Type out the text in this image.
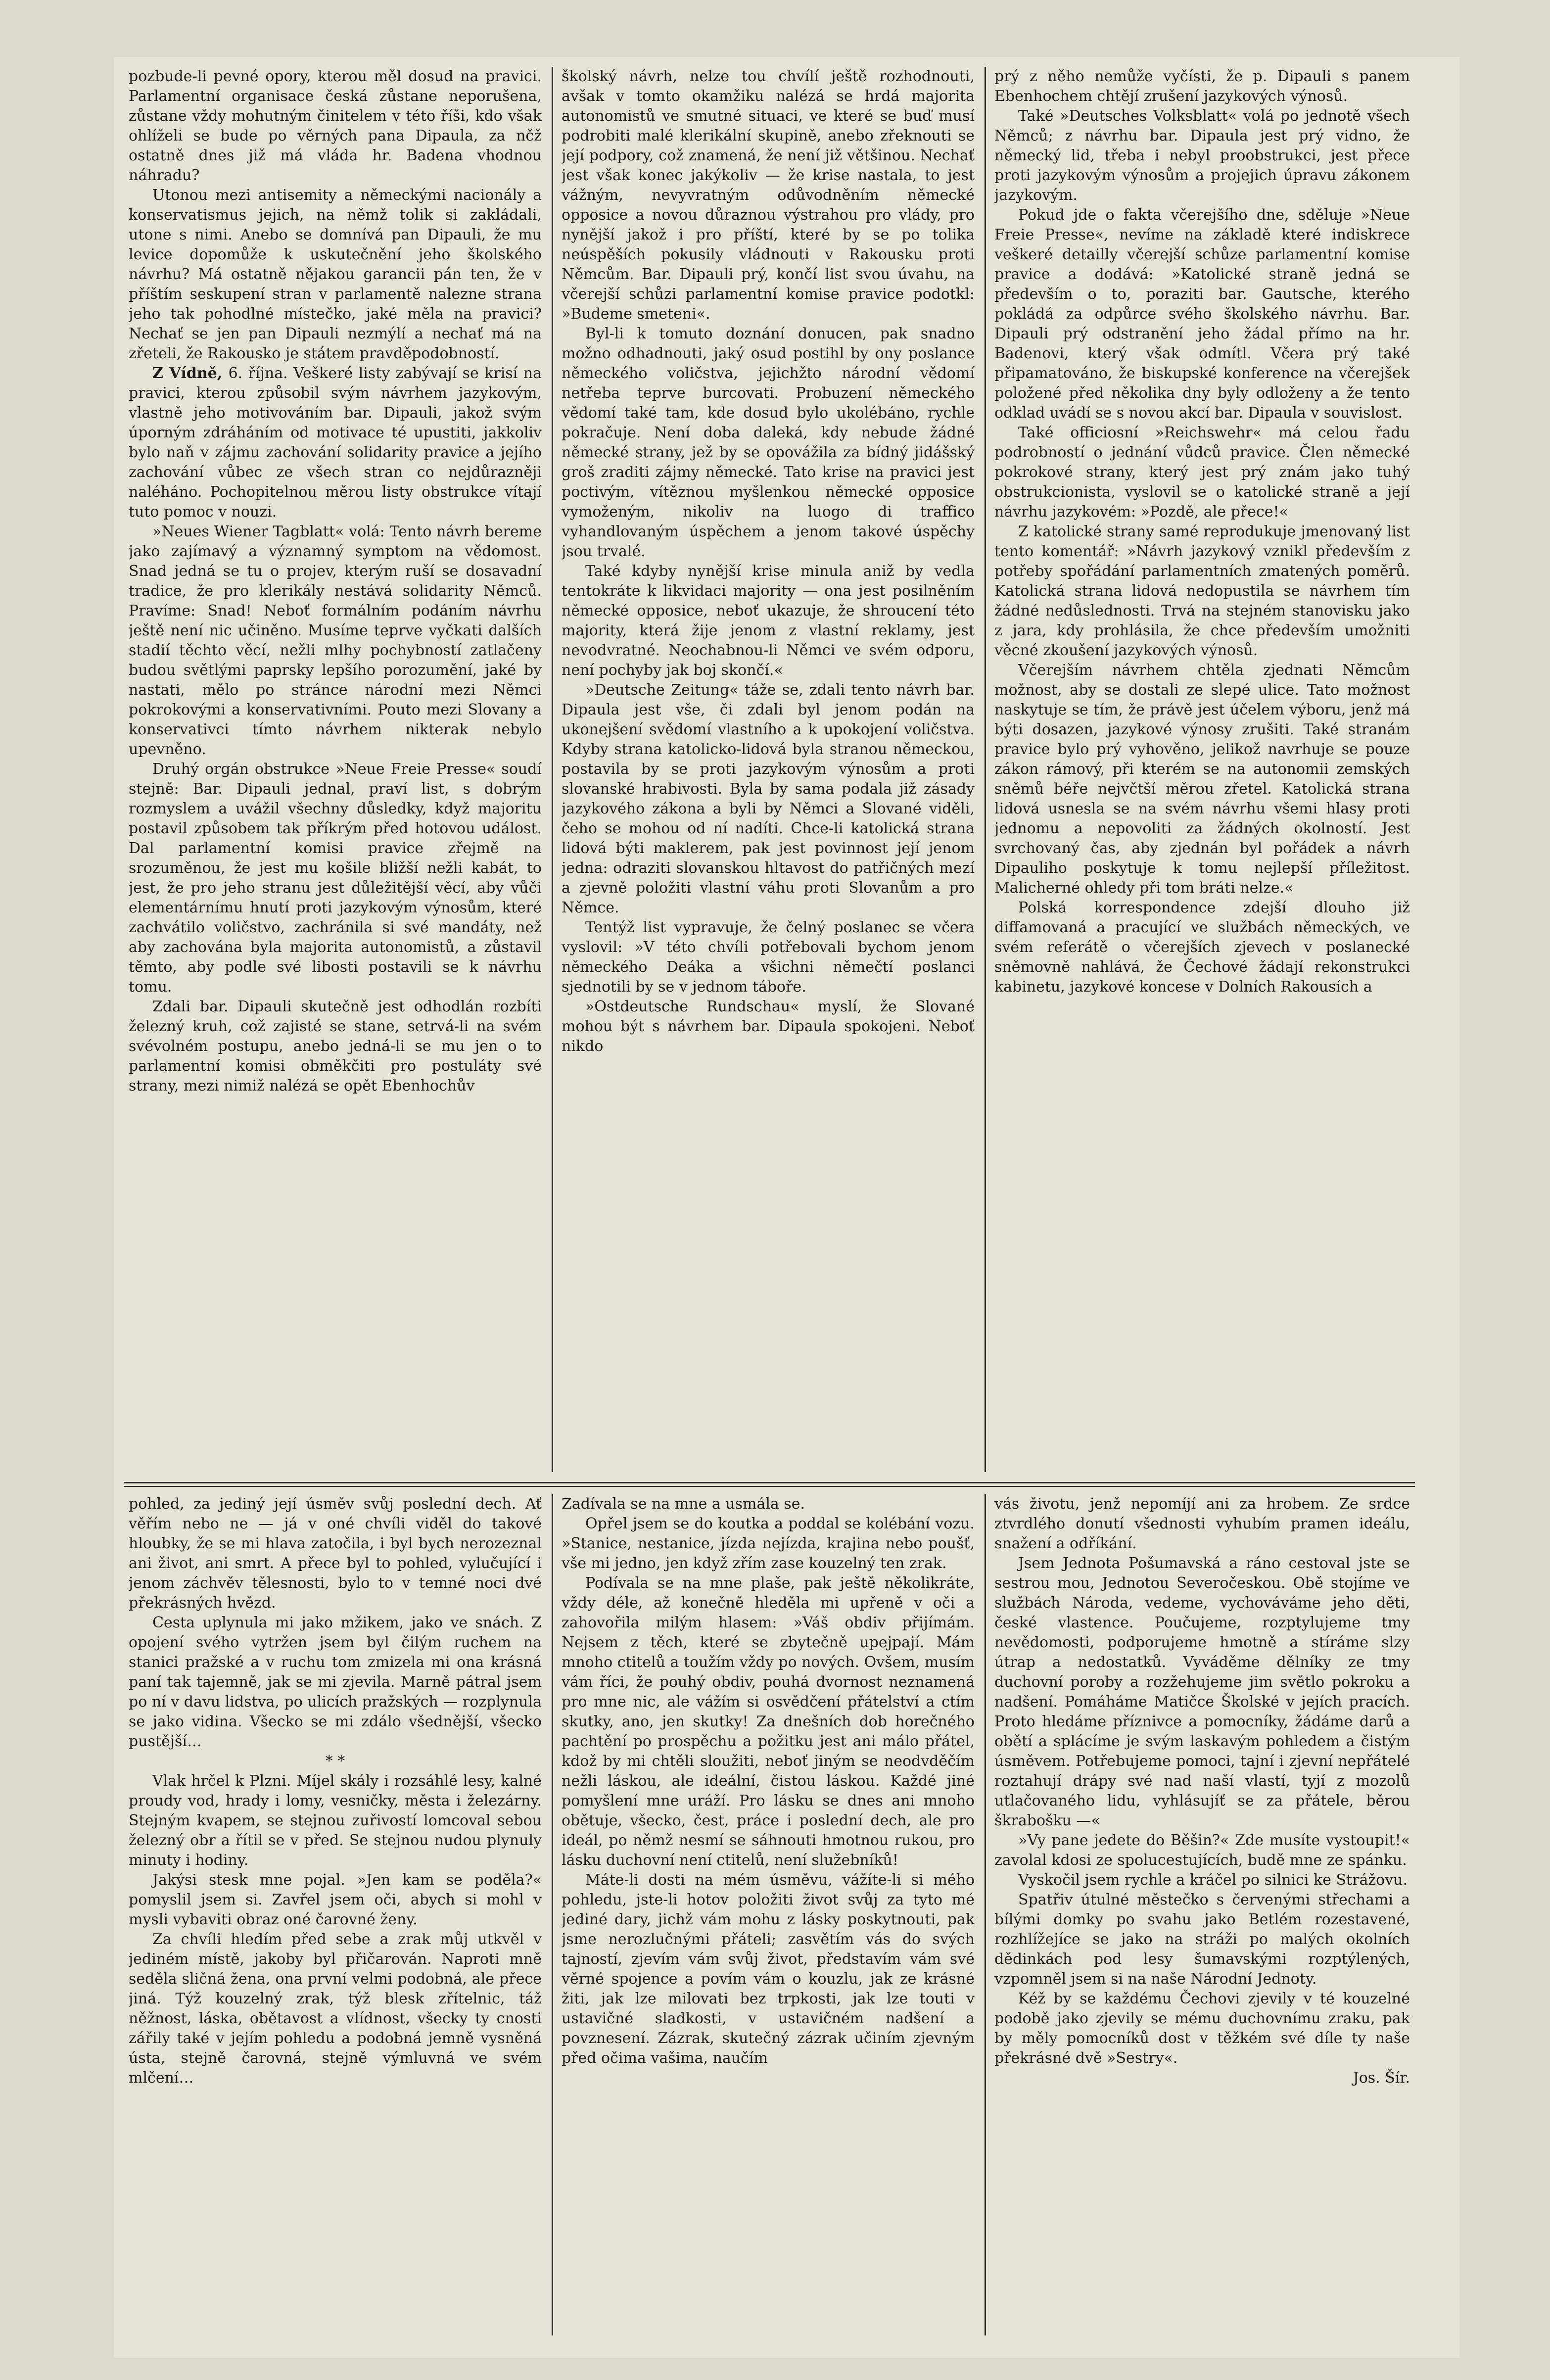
pozbude-li pevné opory, kterou měl dosud na pravici. Parlamentní organisace česká zůstane neporušena, zůstane vždy mohutným činitelem v této říši, kdo však ohlíželi se bude po věrných pana Dipaula, za nčž ostatně dnes již má vláda hr. Badena vhodnou náhradu?

Utonou mezi antisemity a německými nacionály a konservatismus jejich, na němž tolik si zakládali, utone s nimi. Anebo se domnívá pan Dipauli, že mu levice dopomůže k uskutečnění jeho školského návrhu? Má ostatně nějakou garancii pán ten, že v příštím seskupení stran v parlamentě nalezne strana jeho tak pohodlné místečko, jaké měla na pravici? Nechať se jen pan Dipauli nezmýlí a nechať má na zřeteli, že Rakousko je státem pravděpodobností.

Z Vídně, 6. října. Veškeré listy zabývají se krisí na pravici, kterou způsobil svým návrhem jazykovým, vlastně jeho motivováním bar. Dipauli, jakož svým úporným zdráháním od motivace té upustiti, jakkoliv bylo naň v zájmu zachování solidarity pravice a jejího zachování vůbec ze všech stran co nejdůrazněji naléháno. Pochopitelnou měrou listy obstrukce vítají tuto pomoc v nouzi.

»Neues Wiener Tagblatt« volá: Tento návrh bereme jako zajímavý a významný symptom na vědomost. Snad jedná se tu o projev, kterým ruší se dosavadní tradice, že pro klerikály nestává solidarity Němců. Pravíme: Snad! Neboť formálním podáním návrhu ještě není nic učiněno. Musíme teprve vyčkati dalších stadií těchto věcí, nežli mlhy pochybností zatlačeny budou světlými paprsky lepšího porozumění, jaké by nastati, mělo po stránce národní mezi Němci pokrokovými a konservativními. Pouto mezi Slovany a konservativci tímto návrhem nikterak nebylo upevněno.

Druhý orgán obstrukce »Neue Freie Presse« soudí stejně: Bar. Dipauli jednal, praví list, s dobrým rozmyslem a uvážil všechny důsledky, když majoritu postavil způsobem tak příkrým před hotovou událost. Dal parlamentní komisi pravice zřejmě na srozuměnou, že jest mu košile bližší nežli kabát, to jest, že pro jeho stranu jest důležitější věcí, aby vůči elementárnímu hnutí proti jazykovým výnosům, které zachvátilo voličstvo, zachránila si své mandáty, než aby zachována byla majorita autonomistů, a zůstavil těmto, aby podle své libosti postavili se k návrhu tomu.

Zdali bar. Dipauli skutečně jest odhodlán rozbíti železný kruh, což zajisté se stane, setrvá-li na svém svévolném postupu, anebo jedná-li se mu jen o to parlamentní komisi obměkčiti pro postuláty své strany, mezi nimiž nalézá se opět Ebenhochův

školský návrh, nelze tou chvílí ještě rozhodnouti, avšak v tomto okamžiku nalézá se hrdá majorita autonomistů ve smutné situaci, ve které se buď musí podrobiti malé klerikální skupině, anebo zřeknouti se její podpory, což znamená, že není již většinou. Nechať jest však konec jakýkoliv — že krise nastala, to jest vážným, nevyvratným odůvodněním německé opposice a novou důraznou výstrahou pro vlády, pro nynější jakož i pro příští, které by se po tolika neúspěších pokusily vládnouti v Rakousku proti Němcům. Bar. Dipauli prý, končí list svou úvahu, na včerejší schůzi parlamentní komise pravice podotkl: »Budeme smeteni«.

Byl-li k tomuto doznání donucen, pak snadno možno odhadnouti, jaký osud postihl by ony poslance německého voličstva, jejichžto národní vědomí netřeba teprve burcovati. Probuzení německého vědomí také tam, kde dosud bylo ukolébáno, rychle pokračuje. Není doba daleká, kdy nebude žádné německé strany, jež by se opovážila za bídný jidášský groš zraditi zájmy německé. Tato krise na pravici jest poctivým, vítěznou myšlenkou německé opposice vymoženým, nikoliv na luogo di traffico vyhandlovaným úspěchem a jenom takové úspěchy jsou trvalé.

Také kdyby nynější krise minula aniž by vedla tentokráte k likvidaci majority — ona jest posilněním německé opposice, neboť ukazuje, že shroucení této majority, která žije jenom z vlastní reklamy, jest nevodvratné. Neochabnou-li Němci ve svém odporu, není pochyby jak boj skončí.«

»Deutsche Zeitung« táže se, zdali tento návrh bar. Dipaula jest vše, či zdali byl jenom podán na ukonejšení svědomí vlastního a k upokojení voličstva. Kdyby strana katolicko-lidová byla stranou německou, postavila by se proti jazykovým výnosům a proti slovanské hrabivosti. Byla by sama podala již zásady jazykového zákona a byli by Němci a Slované viděli, čeho se mohou od ní nadíti. Chce-li katolická strana lidová býti maklerem, pak jest povinnost její jenom jedna: odraziti slovanskou hltavost do patřičných mezí a zjevně položiti vlastní váhu proti Slovanům a pro Němce.

Tentýž list vypravuje, že čelný poslanec se včera vyslovil: »V této chvíli potřebovali bychom jenom německého Deáka a všichni němečtí poslanci sjednotili by se v jednom táboře.

»Ostdeutsche Rundschau« myslí, že Slované mohou být s návrhem bar. Dipaula spokojeni. Neboť nikdo

prý z něho nemůže vyčísti, že p. Dipauli s panem Ebenhochem chtějí zrušení jazykových výnosů.

Také »Deutsches Volksblatt« volá po jednotě všech Němců; z návrhu bar. Dipaula jest prý vidno, že německý lid, třeba i nebyl proobstrukci, jest přece proti jazykovým výnosům a projejich úpravu zákonem jazykovým.

Pokud jde o fakta včerejšího dne, sděluje »Neue Freie Presse«, nevíme na základě které indiskrece veškeré detailly včerejší schůze parlamentní komise pravice a dodává: »Katolické straně jedná se především o to, poraziti bar. Gautsche, kterého pokládá za odpůrce svého školského návrhu. Bar. Dipauli prý odstranění jeho žádal přímo na hr. Badenovi, který však odmítl. Včera prý také připamatováno, že biskupské konference na včerejšek položené před několika dny byly odloženy a že tento odklad uvádí se s novou akcí bar. Dipaula v souvislost.

Také officiosní »Reichswehr« má celou řadu podrobností o jednání vůdců pravice. Člen německé pokrokové strany, který jest prý znám jako tuhý obstrukcionista, vyslovil se o katolické straně a její návrhu jazykovém: »Pozdě, ale přece!«

Z katolické strany samé reprodukuje jmenovaný list tento komentář: »Návrh jazykový vznikl především z potřeby spořádání parlamentních zmatených poměrů. Katolická strana lidová nedopustila se návrhem tím žádné nedůslednosti. Trvá na stejném stanovisku jako z jara, kdy prohlásila, že chce především umožniti věcné zkoušení jazykových výnosů.

Včerejším návrhem chtěla zjednati Němcům možnost, aby se dostali ze slepé ulice. Tato možnost naskytuje se tím, že právě jest účelem výboru, jenž má býti dosazen, jazykové výnosy zrušiti. Také stranám pravice bylo prý vyhověno, jelikož navrhuje se pouze zákon rámový, při kterém se na autonomii zemských sněmů béře nejvčtší měrou zřetel. Katolická strana lidová usnesla se na svém návrhu všemi hlasy proti jednomu a nepovoliti za žádných okolností. Jest svrchovaný čas, aby zjednán byl pořádek a návrh Dipauliho poskytuje k tomu nejlepší příležitost. Malicherné ohledy při tom bráti nelze.«

Polská korrespondence zdejší dlouho již diffamovaná a pracující ve službách německých, ve svém referátě o včerejších zjevech v poslanecké sněmovně nahlává, že Čechové žádají rekonstrukci kabinetu, jazykové koncese v Dolních Rakousích a

pohled, za jediný její úsměv svůj poslední dech. Ať věřím nebo ne — já v oné chvíli viděl do takové hloubky, že se mi hlava zatočila, i byl bych nerozeznal ani život, ani smrt. A přece byl to pohled, vylučující i jenom záchvěv tělesnosti, bylo to v temné noci dvé překrásných hvězd.

Cesta uplynula mi jako mžikem, jako ve snách. Z opojení svého vytržen jsem byl čilým ruchem na stanici pražské a v ruchu tom zmizela mi ona krásná paní tak tajemně, jak se mi zjevila. Marně pátral jsem po ní v davu lidstva, po ulicích pražských — rozplynula se jako vidina. Všecko se mi zdálo všednější, všecko pustější…

* *

Vlak hrčel k Plzni. Míjel skály i rozsáhlé lesy, kalné proudy vod, hrady i lomy, vesničky, města i železárny. Stejným kvapem, se stejnou zuřivostí lomcoval sebou železný obr a řítil se v před. Se stejnou nudou plynuly minuty i hodiny.

Jakýsi stesk mne pojal. »Jen kam se poděla?« pomyslil jsem si. Zavřel jsem oči, abych si mohl v mysli vybaviti obraz oné čarovné ženy.

Za chvíli hledím před sebe a zrak můj utkvěl v jediném místě, jakoby byl přičarován. Naproti mně seděla sličná žena, ona první velmi podobná, ale přece jiná. Týž kouzelný zrak, týž blesk zřítelnic, táž něžnost, láska, obětavost a vlídnost, všecky ty cnosti zářily také v jejím pohledu a podobná jemně vysněná ústa, stejně čarovná, stejně výmluvná ve svém mlčení…

Zadívala se na mne a usmála se.

Opřel jsem se do koutka a poddal se kolébání vozu. »Stanice, nestanice, jízda nejízda, krajina nebo poušť, vše mi jedno, jen když zřím zase kouzelný ten zrak.

Podívala se na mne plaše, pak ještě několikráte, vždy déle, až konečně hleděla mi upřeně v oči a zahovořila milým hlasem: »Váš obdiv přijímám. Nejsem z těch, které se zbytečně upejpají. Mám mnoho ctitelů a toužím vždy po nových. Ovšem, musím vám říci, že pouhý obdiv, pouhá dvornost neznamená pro mne nic, ale vážím si osvědčení přátelství a ctím skutky, ano, jen skutky! Za dnešních dob horečného pachtění po prospěchu a požitku jest ani málo přátel, kdož by mi chtěli sloužiti, neboť jiným se neodvděčím nežli láskou, ale ideální, čistou láskou. Každé jiné pomyšlení mne uráží. Pro lásku se dnes ani mnoho obětuje, všecko, čest, práce i poslední dech, ale pro ideál, po němž nesmí se sáhnouti hmotnou rukou, pro lásku duchovní není ctitelů, není služebníků!

Máte-li dosti na mém úsměvu, vážíte-li si mého pohledu, jste-li hotov položiti život svůj za tyto mé jediné dary, jichž vám mohu z lásky poskytnouti, pak jsme nerozlučnými přáteli; zasvětím vás do svých tajností, zjevím vám svůj život, představím vám své věrné spojence a povím vám o kouzlu, jak ze krásné žiti, jak lze milovati bez trpkosti, jak lze touti v ustavičné sladkosti, v ustavičném nadšení a povznesení. Zázrak, skutečný zázrak učiním zjevným před očima vašima, naučím

vás životu, jenž nepomíjí ani za hrobem. Ze srdce ztvrdlého donutí všednosti vyhubím pramen ideálu, snažení a odříkání.

Jsem Jednota Pošumavská a ráno cestoval jste se sestrou mou, Jednotou Severočeskou. Obě stojíme ve službách Národa, vedeme, vychováváme jeho děti, české vlastence. Poučujeme, rozptylujeme tmy nevědomosti, podporujeme hmotně a stíráme slzy útrap a nedostatků. Vyváděme dělníky ze tmy duchovní poroby a rozžehujeme jim světlo pokroku a nadšení. Pomáháme Matičce Školské v jejích pracích. Proto hledáme příznivce a pomocníky, žádáme darů a obětí a splácíme je svým laskavým pohledem a čistým úsměvem. Potřebujeme pomoci, tajní i zjevní nepřátelé roztahují drápy své nad naší vlastí, tyjí z mozolů utlačovaného lidu, vyhlásujíť se za přátele, běrou škrabošku —«

»Vy pane jedete do Běšin?« Zde musíte vystoupit!« zavolal kdosi ze spolucestujících, budě mne ze spánku.

Vyskočil jsem rychle a kráčel po silnici ke Strážovu.

Spatřiv útulné městečko s červenými střechami a bílými domky po svahu jako Betlém rozestavené, rozhlížejíce se jako na stráži po malých okolních dědinkách pod lesy šumavskými rozptýlených, vzpomněl jsem si na naše Národní Jednoty.

Kéž by se každému Čechovi zjevily v té kouzelné podobě jako zjevily se mému duchovnímu zraku, pak by měly pomocníků dost v těžkém své díle ty naše překrásné dvě »Sestry«.

Jos. Šír.
